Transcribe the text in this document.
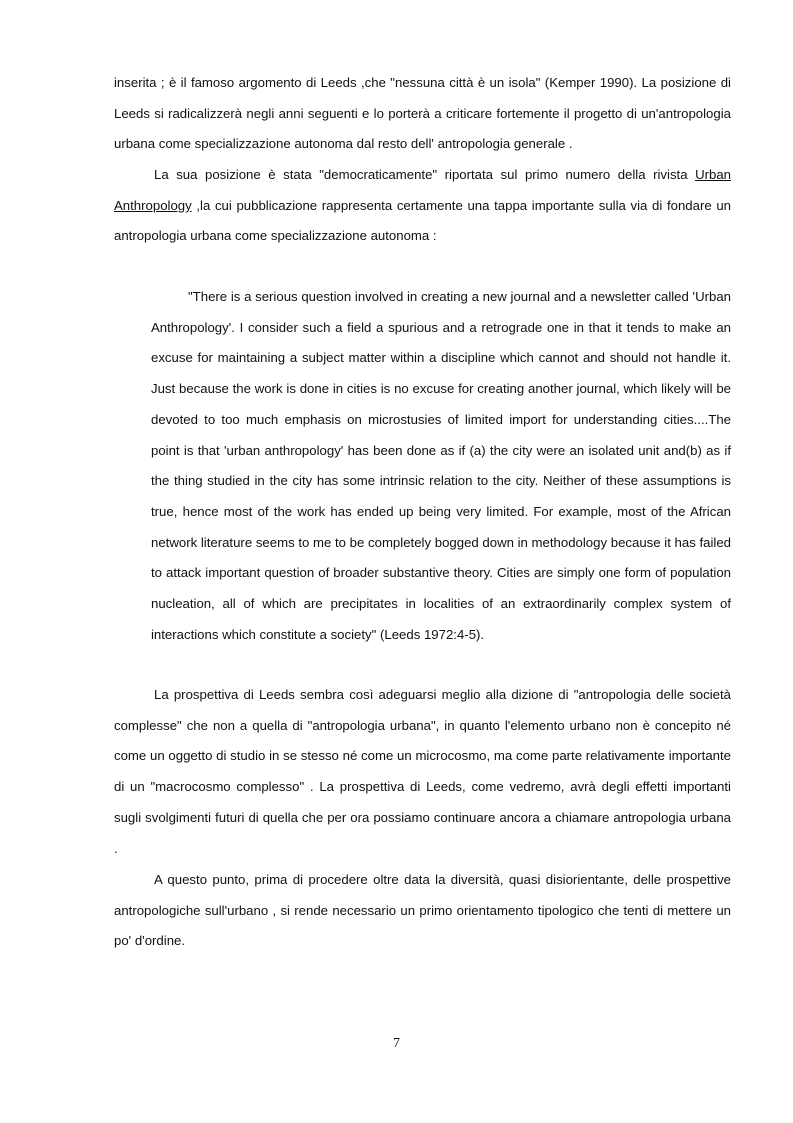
inserita ; è il famoso argomento di Leeds ,che "nessuna città è un isola" (Kemper 1990). La posizione di Leeds si radicalizzerà negli anni seguenti e lo porterà a criticare fortemente il progetto di un'antropologia urbana come specializzazione autonoma dal resto dell' antropologia generale .

La sua posizione è stata "democraticamente" riportata sul primo numero della rivista Urban Anthropology ,la cui pubblicazione rappresenta certamente una tappa importante sulla via di fondare un antropologia urbana come specializzazione autonoma :

"There is a serious question involved in creating a new journal and a newsletter called 'Urban Anthropology'. I consider such a field a spurious and a retrograde one in that it tends to make an excuse for maintaining a subject matter within a discipline which cannot and should not handle it. Just because the work is done in cities is no excuse for creating another journal, which likely will be devoted to too much emphasis on microstusies of limited import for understanding cities....The point is that 'urban anthropology' has been done as if (a) the city were an isolated unit and(b) as if the thing studied in the city has some intrinsic relation to the city. Neither of these assumptions is true, hence most of the work has ended up being very limited. For example, most of the African network literature seems to me to be completely bogged down in methodology because it has failed to attack important question of broader substantive theory. Cities are simply one form of population nucleation, all of which are precipitates in localities of an extraordinarily complex system of interactions which constitute a society" (Leeds 1972:4-5).

La prospettiva di Leeds sembra così adeguarsi meglio alla dizione di "antropologia delle società complesse" che non a quella di "antropologia urbana", in quanto l'elemento urbano non è concepito né come un oggetto di studio in se stesso né come un microcosmo, ma come parte relativamente importante di un "macrocosmo complesso" . La prospettiva di Leeds, come vedremo, avrà degli effetti importanti sugli svolgimenti futuri di quella che per ora possiamo continuare ancora a chiamare antropologia urbana .

A questo punto, prima di procedere oltre data la diversità, quasi disiorientante, delle prospettive antropologiche sull'urbano , si rende necessario un primo orientamento tipologico che tenti di mettere un po' d'ordine.

7
